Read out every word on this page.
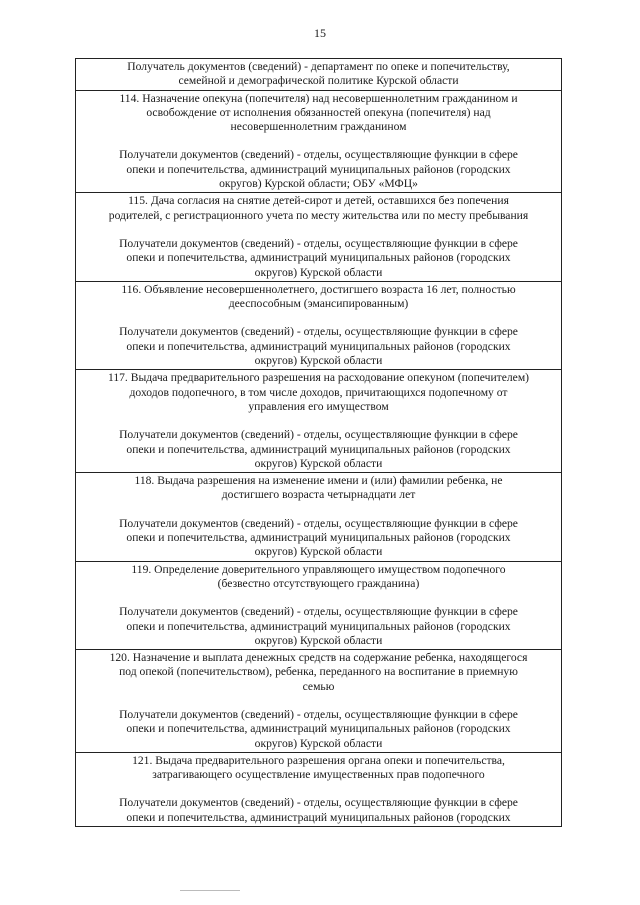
15
Получатель документов (сведений) - департамент по опеке и попечительству,
семейной и демографической политике Курской области

114. Назначение опекуна (попечителя) над несовершеннолетним гражданином и
освобождение от исполнения обязанностей опекуна (попечителя) над
несовершеннолетним гражданином
Получатели документов (сведений) - отделы, осуществляющие функции в сфере
опеки и попечительства, администраций муниципальных районов (городских
округов) Курской области; ОБУ «МФЦ»

115. Дача согласия на снятие детей-сирот и детей, оставшихся без попечения
родителей, с регистрационного учета по месту жительства или по месту пребывания
Получатели документов (сведений) - отделы, осуществляющие функции в сфере
опеки и попечительства, администраций муниципальных районов (городских
округов) Курской области

116. Объявление несовершеннолетнего, достигшего возраста 16 лет, полностью
дееспособным (эмансипированным)
Получатели документов (сведений) - отделы, осуществляющие функции в сфере
опеки и попечительства, администраций муниципальных районов (городских
округов) Курской области

117. Выдача предварительного разрешения на расходование опекуном (попечителем)
доходов подопечного, в том числе доходов, причитающихся подопечному от
управления его имуществом
Получатели документов (сведений) - отделы, осуществляющие функции в сфере
опеки и попечительства, администраций муниципальных районов (городских
округов) Курской области

118. Выдача разрешения на изменение имени и (или) фамилии ребенка, не
достигшего возраста четырнадцати лет
Получатели документов (сведений) - отделы, осуществляющие функции в сфере
опеки и попечительства, администраций муниципальных районов (городских
округов) Курской области

119. Определение доверительного управляющего имуществом подопечного
(безвестно отсутствующего гражданина)
Получатели документов (сведений) - отделы, осуществляющие функции в сфере
опеки и попечительства, администраций муниципальных районов (городских
округов) Курской области

120. Назначение и выплата денежных средств на содержание ребенка, находящегося
под опекой (попечительством), ребенка, переданного на воспитание в приемную
семью
Получатели документов (сведений) - отделы, осуществляющие функции в сфере
опеки и попечительства, администраций муниципальных районов (городских
округов) Курской области

121. Выдача предварительного разрешения органа опеки и попечительства,
затрагивающего осуществление имущественных прав подопечного
Получатели документов (сведений) - отделы, осуществляющие функции в сфере
опеки и попечительства, администраций муниципальных районов (городских
